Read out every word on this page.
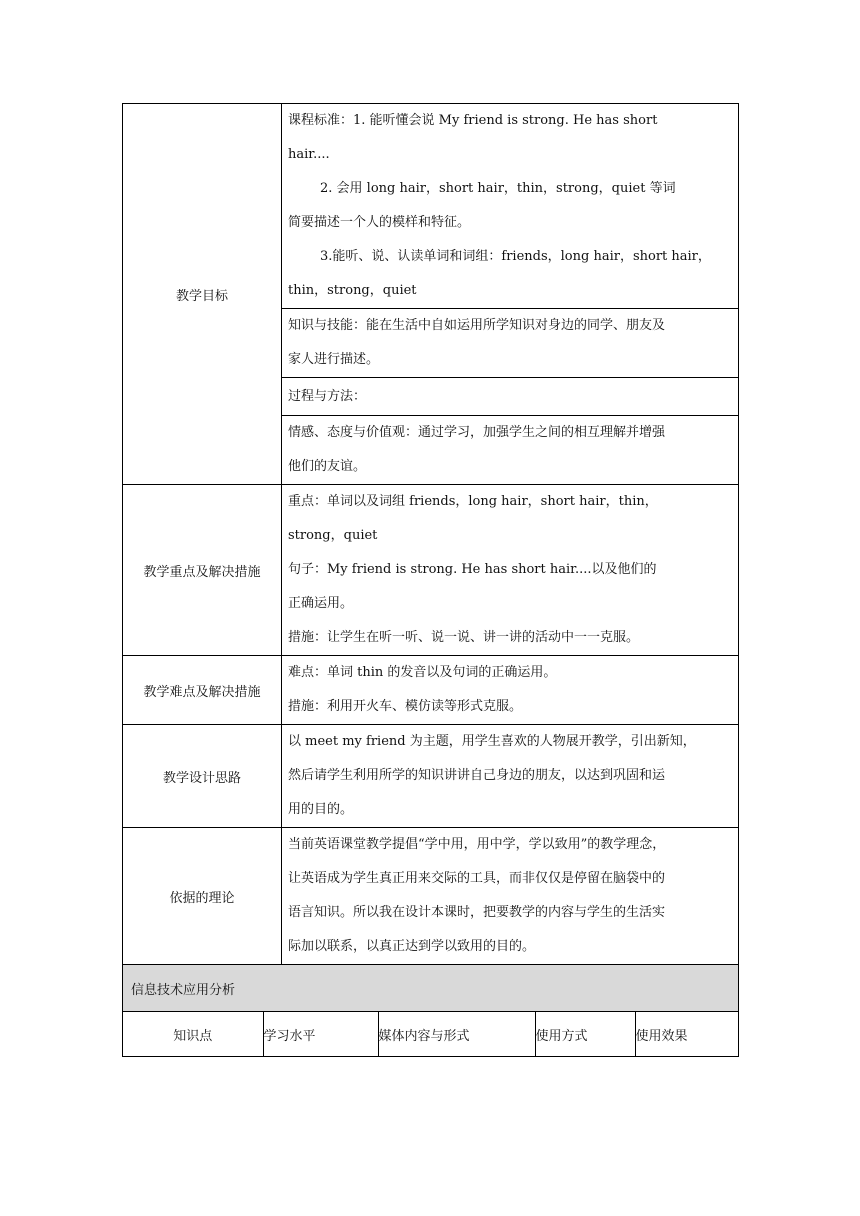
教学目标	
课程标准：1. 能听懂会说 My friend is strong. He has short
hair....
2. 会用 long hair，short hair，thin，strong，quiet 等词
简要描述一个人的模样和特征。
3.能听、说、认读单词和词组：friends，long hair，short hair，
thin，strong，quiet

知识与技能：能在生活中自如运用所学知识对身边的同学、朋友及
家人进行描述。

过程与方法：

情感、态度与价值观：通过学习，加强学生之间的相互理解并增强
他们的友谊。

教学重点及解决措施	
重点：单词以及词组 friends，long hair，short hair，thin，
strong，quiet
句子：My friend is strong. He has short hair....以及他们的
正确运用。
措施：让学生在听一听、说一说、讲一讲的活动中一一克服。

教学难点及解决措施	
难点：单词 thin 的发音以及句词的正确运用。
措施：利用开火车、模仿读等形式克服。

教学设计思路	
以 meet my friend 为主题，用学生喜欢的人物展开教学，引出新知，
然后请学生利用所学的知识讲讲自己身边的朋友，以达到巩固和运
用的目的。

依据的理论	
当前英语课堂教学提倡“学中用，用中学，学以致用”的教学理念，
让英语成为学生真正用来交际的工具，而非仅仅是停留在脑袋中的
语言知识。所以我在设计本课时，把要教学的内容与学生的生活实
际加以联系，以真正达到学以致用的目的。

信息技术应用分析

知识点	学习水平	媒体内容与形式	使用方式	使用效果
